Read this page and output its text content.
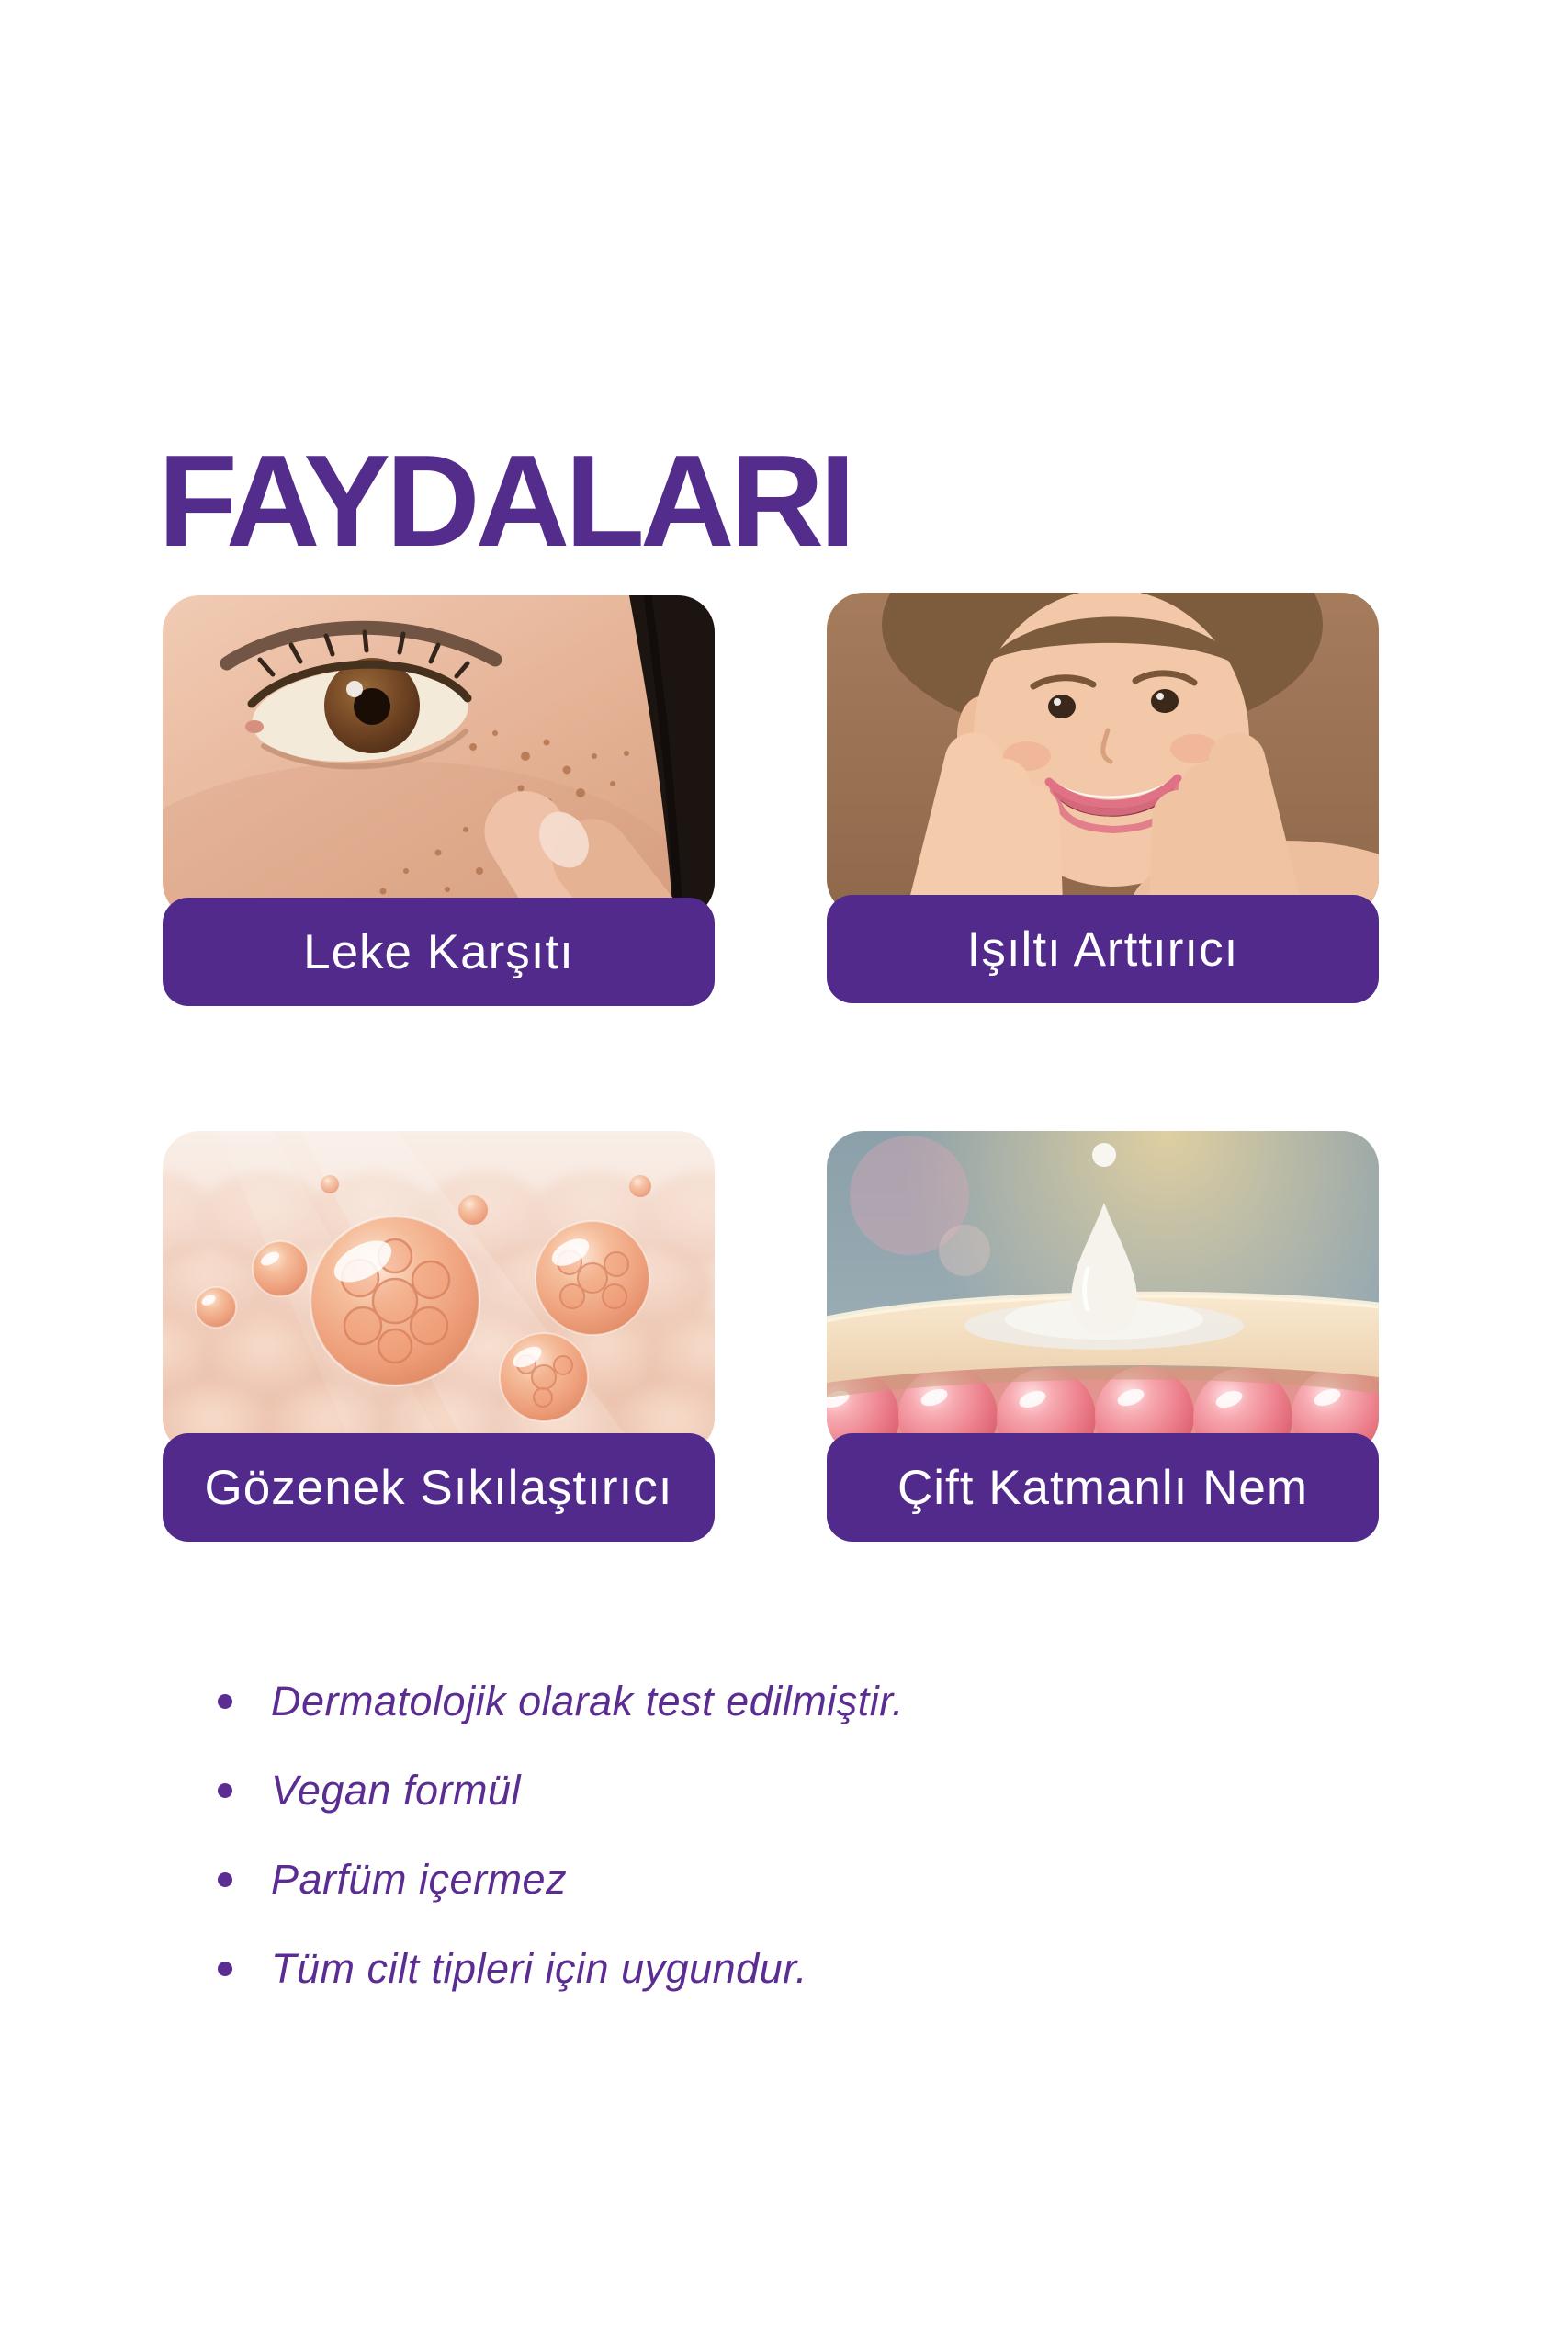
FAYDALARI
Leke Karşıtı	Işıltı Arttırıcı
Gözenek Sıkılaştırıcı	Çift Katmanlı Nem
Dermatolojik olarak test edilmiştir.
Vegan formül
Parfüm içermez
Tüm cilt tipleri için uygundur.
